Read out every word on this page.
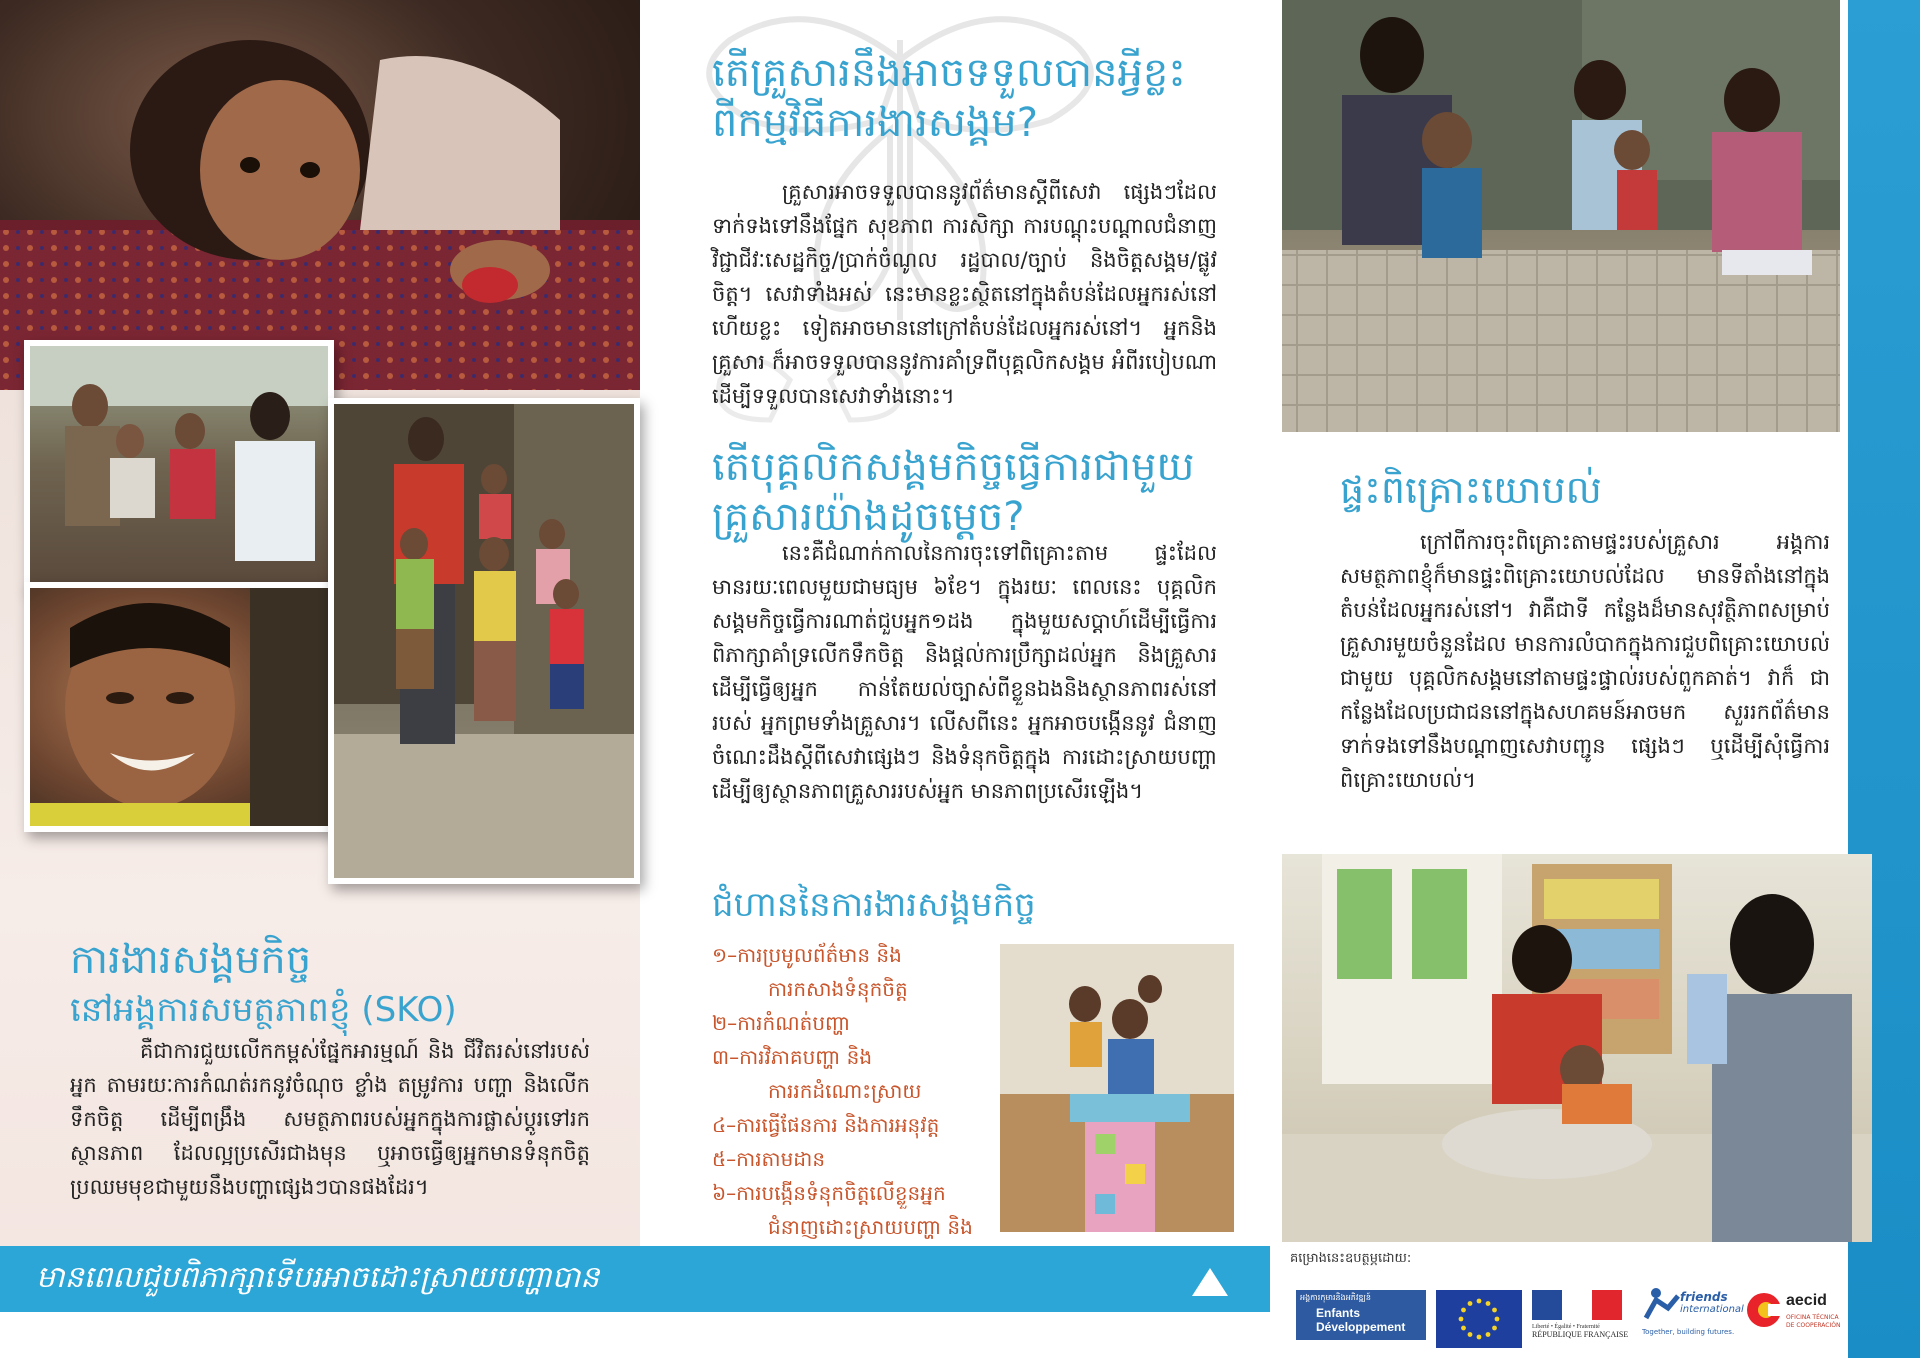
តើគ្រួសារនឹងអាចទទួលបានអ្វីខ្លះ
ពីកម្មវិធីការងារសង្គម?
គ្រួសារអាចទទួលបាននូវព័ត៌មានស្តីពីសេវា ផ្សេងៗដែលទាក់ទងទៅនឹងផ្នែក សុខភាព ការសិក្សា ការបណ្តុះបណ្តាលជំនាញវិជ្ជាជីវៈសេដ្ឋកិច្ច/ប្រាក់ចំណូល រដ្ឋបាល/ច្បាប់ និងចិត្តសង្គម/ផ្លូវចិត្ត។ សេវាទាំងអស់ នេះមានខ្លះស្ថិតនៅក្នុងតំបន់ដែលអ្នករស់នៅ ហើយខ្លះ ទៀតអាចមាននៅក្រៅតំបន់ដែលអ្នករស់នៅ។ អ្នកនិង គ្រួសារ ក៏អាចទទួលបាននូវការគាំទ្រពីបុគ្គលិកសង្គម អំពីរបៀបណាដើម្បីទទួលបានសេវាទាំងនោះ។
តើបុគ្គលិកសង្គមកិច្ចធ្វើការជាមួយ
គ្រួសារយ៉ាងដូចម្តេច?
នេះគឺជំណាក់កាលនៃការចុះទៅពិគ្រោះតាម ផ្ទះដែលមានរយៈពេលមួយជាមធ្យម ៦ខែ។ ក្នុងរយៈ ពេលនេះ បុគ្គលិកសង្គមកិច្ចធ្វើការណាត់ជួបអ្នក១ដង ក្នុងមួយសប្តាហ៍ដើម្បីធ្វើការពិភាក្សាគាំទ្រលើកទឹកចិត្ត និងផ្តល់ការប្រឹក្សាដល់អ្នក និងគ្រួសារដើម្បីធ្វើឲ្យអ្នក កាន់តែយល់ច្បាស់ពីខ្លួនឯងនិងស្ថានភាពរស់នៅរបស់ អ្នកព្រមទាំងគ្រួសារ។ លើសពីនេះ អ្នកអាចបង្កើននូវ ជំនាញ ចំណេះដឹងស្តីពីសេវាផ្សេងៗ និងទំនុកចិត្តក្នុង ការដោះស្រាយបញ្ហាដើម្បីឲ្យស្ថានភាពគ្រួសាររបស់អ្នក មានភាពប្រសើរឡើង។
ជំហាននៃការងារសង្គមកិច្ច
១–ការប្រមូលព័ត៌មាន និង
ការកសាងទំនុកចិត្ត
២–ការកំណត់បញ្ហា
៣–ការវិភាគបញ្ហា និង
ការរកដំណោះស្រាយ
៤–ការធ្វើផែនការ និងការអនុវត្ត
៥–ការតាមដាន
៦–ការបង្កើនទំនុកចិត្តលើខ្លួនអ្នក
ជំនាញដោះស្រាយបញ្ហា និង
ផ្ទះពិគ្រោះយោបល់
ក្រៅពីការចុះពិគ្រោះតាមផ្ទះរបស់គ្រួសារ អង្គការសមត្ថភាពខ្ញុំក៏មានផ្ទះពិគ្រោះយោបល់ដែល មានទីតាំងនៅក្នុងតំបន់ដែលអ្នករស់នៅ។ វាគឺជាទី កន្លែងដ៏មានសុវត្ថិភាពសម្រាប់គ្រួសារមួយចំនួនដែល មានការលំបាកក្នុងការជួបពិគ្រោះយោបល់ជាមួយ បុគ្គលិកសង្គមនៅតាមផ្ទះផ្ទាល់របស់ពួកគាត់។ វាក៏ ជាកន្លែងដែលប្រជាជននៅក្នុងសហគមន៍អាចមក សួររកព័ត៌មានទាក់ទងទៅនឹងបណ្តាញសេវាបញ្ជូន ផ្សេងៗ ឬដើម្បីសុំធ្វើការពិគ្រោះយោបល់។
ការងារសង្គមកិច្ច
នៅអង្គការសមត្ថភាពខ្ញុំ (SKO)
គឺជាការជួយលើកកម្ពស់ផ្នែកអារម្មណ៍ និង ជីវិតរស់នៅរបស់អ្នក តាមរយៈការកំណត់រកនូវចំណុច ខ្លាំង តម្រូវការ បញ្ហា និងលើកទឹកចិត្ត ដើម្បីពង្រឹង សមត្ថភាពរបស់អ្នកក្នុងការផ្លាស់ប្តូរទៅរកស្ថានភាព ដែលល្អប្រសើរជាងមុន ឬអាចធ្វើឲ្យអ្នកមានទំនុកចិត្ត ប្រឈមមុខជាមួយនឹងបញ្ហាផ្សេងៗបានផងដែរ។
មានពេលជួបពិភាក្សាទើបរអាចដោះស្រាយបញ្ហាបាន
គម្រោងនេះឧបត្ថម្ភដោយ:
អង្គការកុមារនិងអភិវឌ្ឍន៍
Enfants
Développement	Liberté • Égalité • Fraternité
RÉPUBLIQUE FRANÇAISE
friends
international
Together, building futures.
aecid
OFICINA TÉCNICA
DE COOPERACIÓN
